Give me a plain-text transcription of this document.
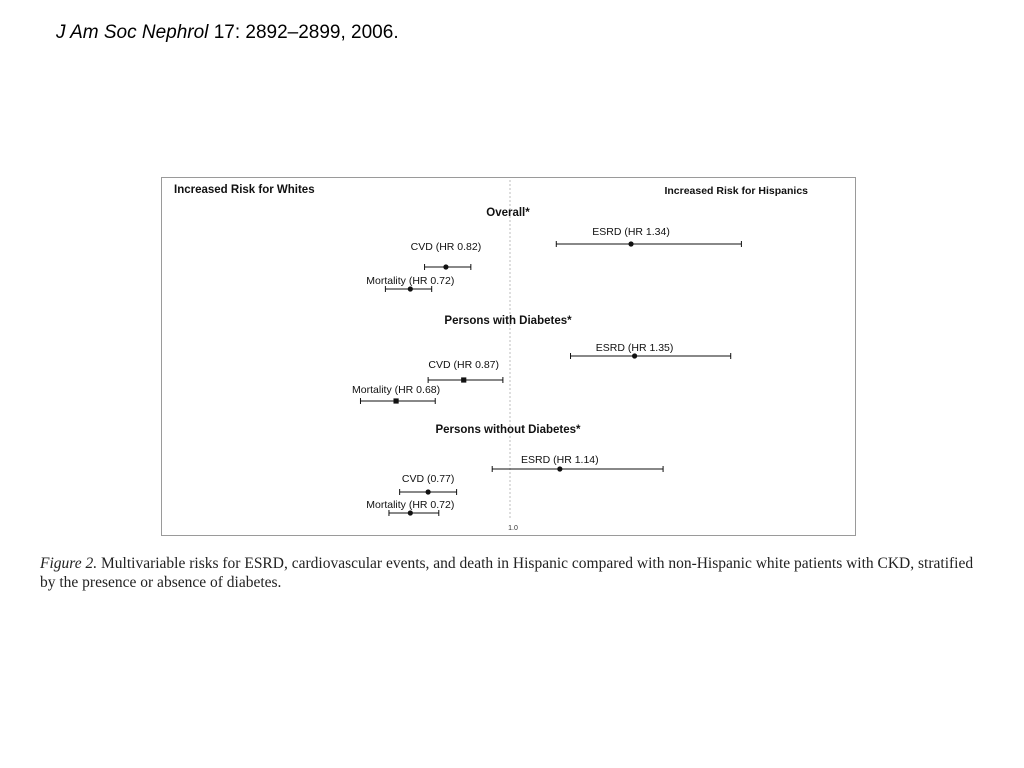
J Am Soc Nephrol 17: 2892–2899, 2006.
Increased Risk for Whites	Increased Risk for Hispanics
1.0
Overall*
ESRD (HR 1.34)
CVD (HR 0.82)
Mortality (HR 0.72)
Persons with Diabetes*
ESRD (HR 1.35)
CVD (HR 0.87)
Mortality (HR 0.68)
Persons without Diabetes*
ESRD (HR 1.14)
CVD (0.77)
Mortality (HR 0.72)
Figure 2. Multivariable risks for ESRD, cardiovascular events, and death in Hispanic compared with non-Hispanic white patients with CKD, stratified by the presence or absence of diabetes.
